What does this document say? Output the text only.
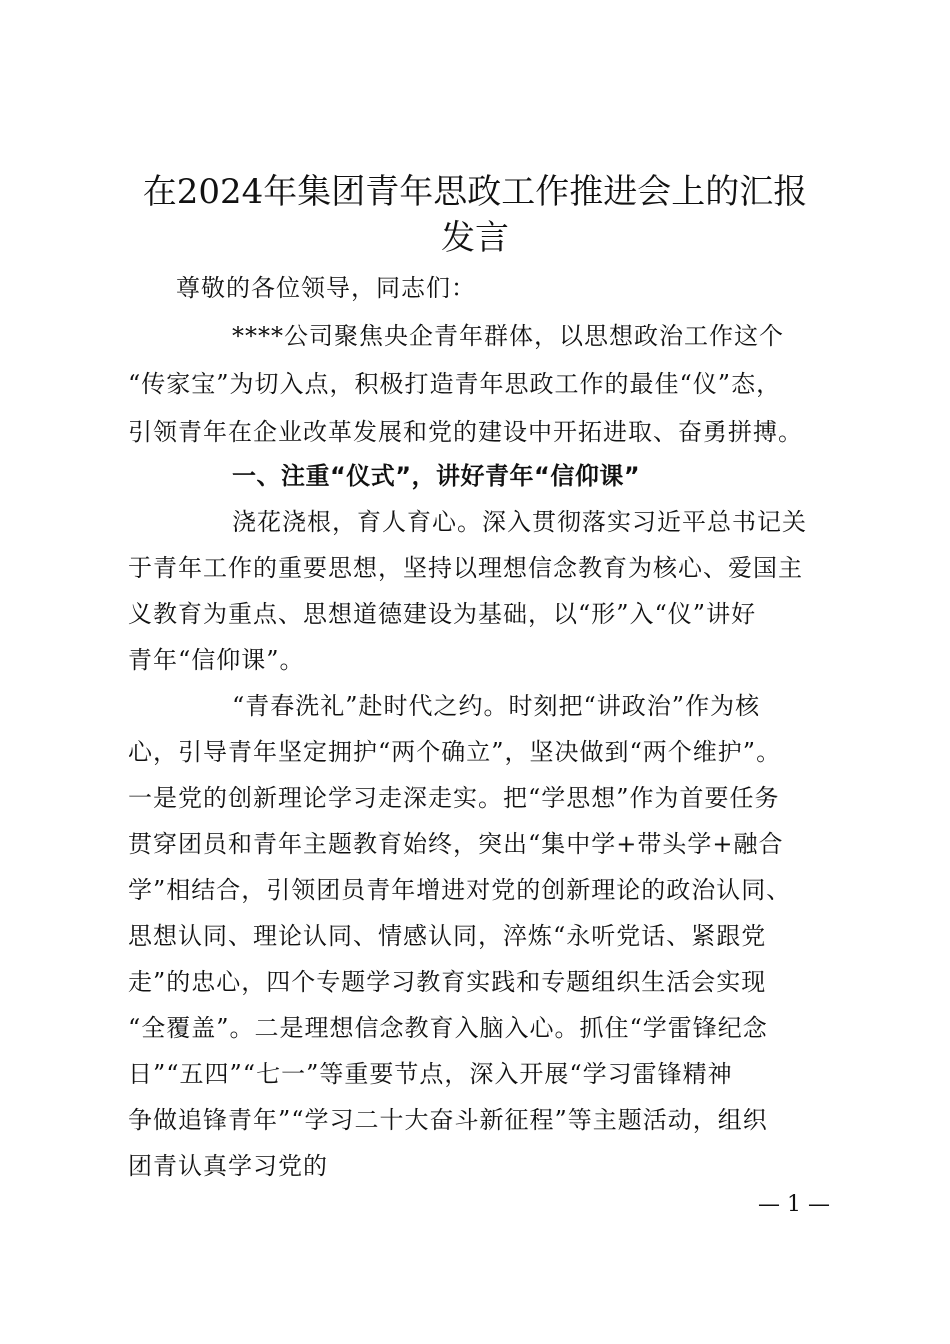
在2024年集团青年思政工作推进会上的汇报
发言

尊敬的各位领导，同志们：

****公司聚焦央企青年群体，以思想政治工作这个

“传家宝”为切入点，积极打造青年思政工作的最佳“仪”态，

引领青年在企业改革发展和党的建设中开拓进取、奋勇拼搏。

一、注重“仪式”，讲好青年“信仰课”

浇花浇根，育人育心。深入贯彻落实习近平总书记关

于青年工作的重要思想，坚持以理想信念教育为核心、爱国主

义教育为重点、思想道德建设为基础，以“形”入“仪”讲好

青年“信仰课”。

“青春洗礼”赴时代之约。时刻把“讲政治”作为核

心，引导青年坚定拥护“两个确立”，坚决做到“两个维护”。

一是党的创新理论学习走深走实。把“学思想”作为首要任务

贯穿团员和青年主题教育始终，突出“集中学+带头学+融合

学”相结合，引领团员青年增进对党的创新理论的政治认同、

思想认同、理论认同、情感认同，淬炼“永听党话、紧跟党

走”的忠心，四个专题学习教育实践和专题组织生活会实现

“全覆盖”。二是理想信念教育入脑入心。抓住“学雷锋纪念

日”“五四”“七一”等重要节点，深入开展“学习雷锋精神

争做追锋青年”“学习二十大奋斗新征程”等主题活动，组织

团青认真学习党的

— 1 —
